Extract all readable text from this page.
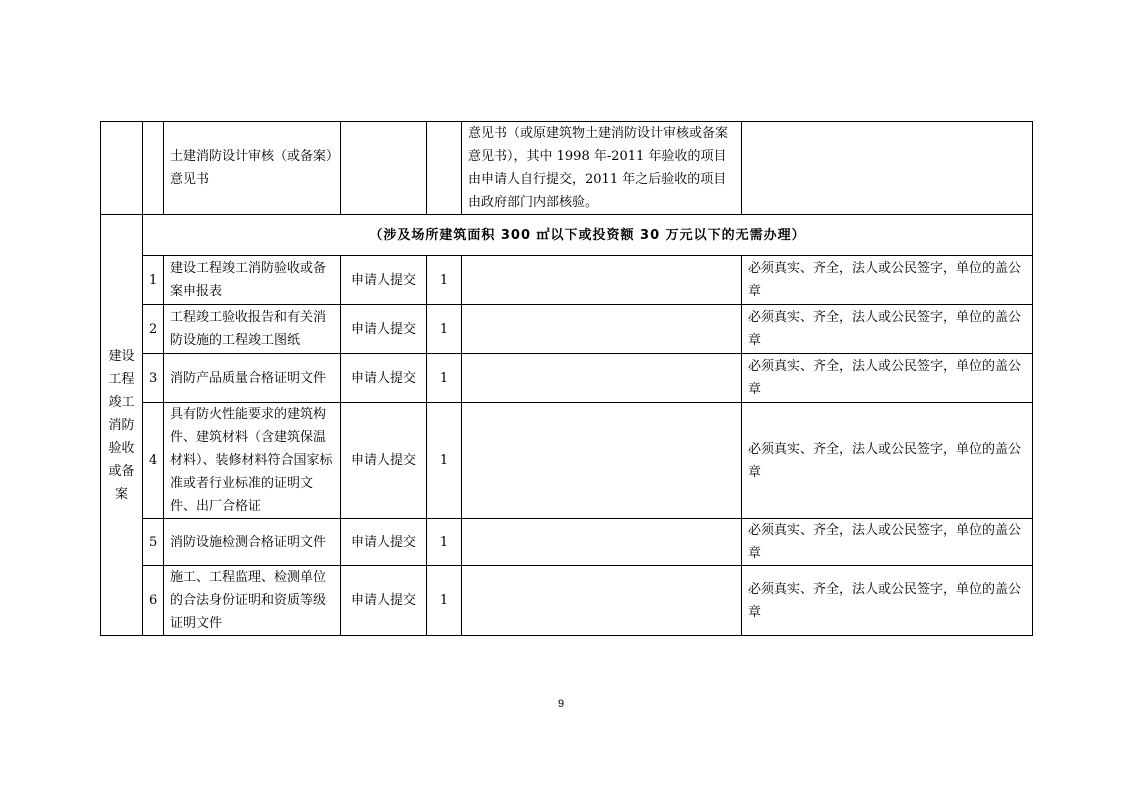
		土建消防设计审核（或备案）意见书			意见书（或原建筑物土建消防设计审核或备案意见书），其中 1998 年-2011 年验收的项目由申请人自行提交，2011 年之后验收的项目由政府部门内部核验。	
建设工程竣工消防验收或备案	（涉及场所建筑面积 300 ㎡以下或投资额 30 万元以下的无需办理）					
	1	建设工程竣工消防验收或备案申报表	申请人提交	1		必须真实、齐全，法人或公民签字，单位的盖公章
	2	工程竣工验收报告和有关消防设施的工程竣工图纸	申请人提交	1		必须真实、齐全，法人或公民签字，单位的盖公章
	3	消防产品质量合格证明文件	申请人提交	1		必须真实、齐全，法人或公民签字，单位的盖公章
	4	具有防火性能要求的建筑构件、建筑材料（含建筑保温材料）、装修材料符合国家标准或者行业标准的证明文件、出厂合格证	申请人提交	1		必须真实、齐全，法人或公民签字，单位的盖公章
	5	消防设施检测合格证明文件	申请人提交	1		必须真实、齐全，法人或公民签字，单位的盖公章
	6	施工、工程监理、检测单位的合法身份证明和资质等级证明文件	申请人提交	1		必须真实、齐全，法人或公民签字，单位的盖公章
9
